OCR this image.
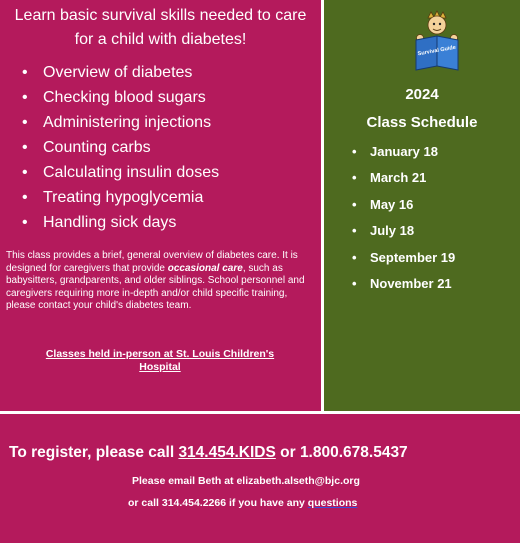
Learn basic survival skills needed to care
for a child with diabetes!
• Overview of diabetes
• Checking blood sugars
• Administering injections
• Counting carbs
• Calculating insulin doses
• Treating hypoglycemia
• Handling sick days
This class provides a brief, general overview of diabetes care. It is designed for caregivers that provide occasional care, such as babysitters, grandparents, and older siblings. School personnel and caregivers requiring more in-depth and/or child specific training, please contact your child's diabetes team.
Classes held in-person at St. Louis Children's
Hospital
Survival Guide
2024
Class Schedule
• January 18
• March 21
• May 16
• July 18
• September 19
• November 21
To register, please call 314.454.KIDS or 1.800.678.5437
Please email Beth at elizabeth.alseth@bjc.org
or call 314.454.2266 if you have any questions
